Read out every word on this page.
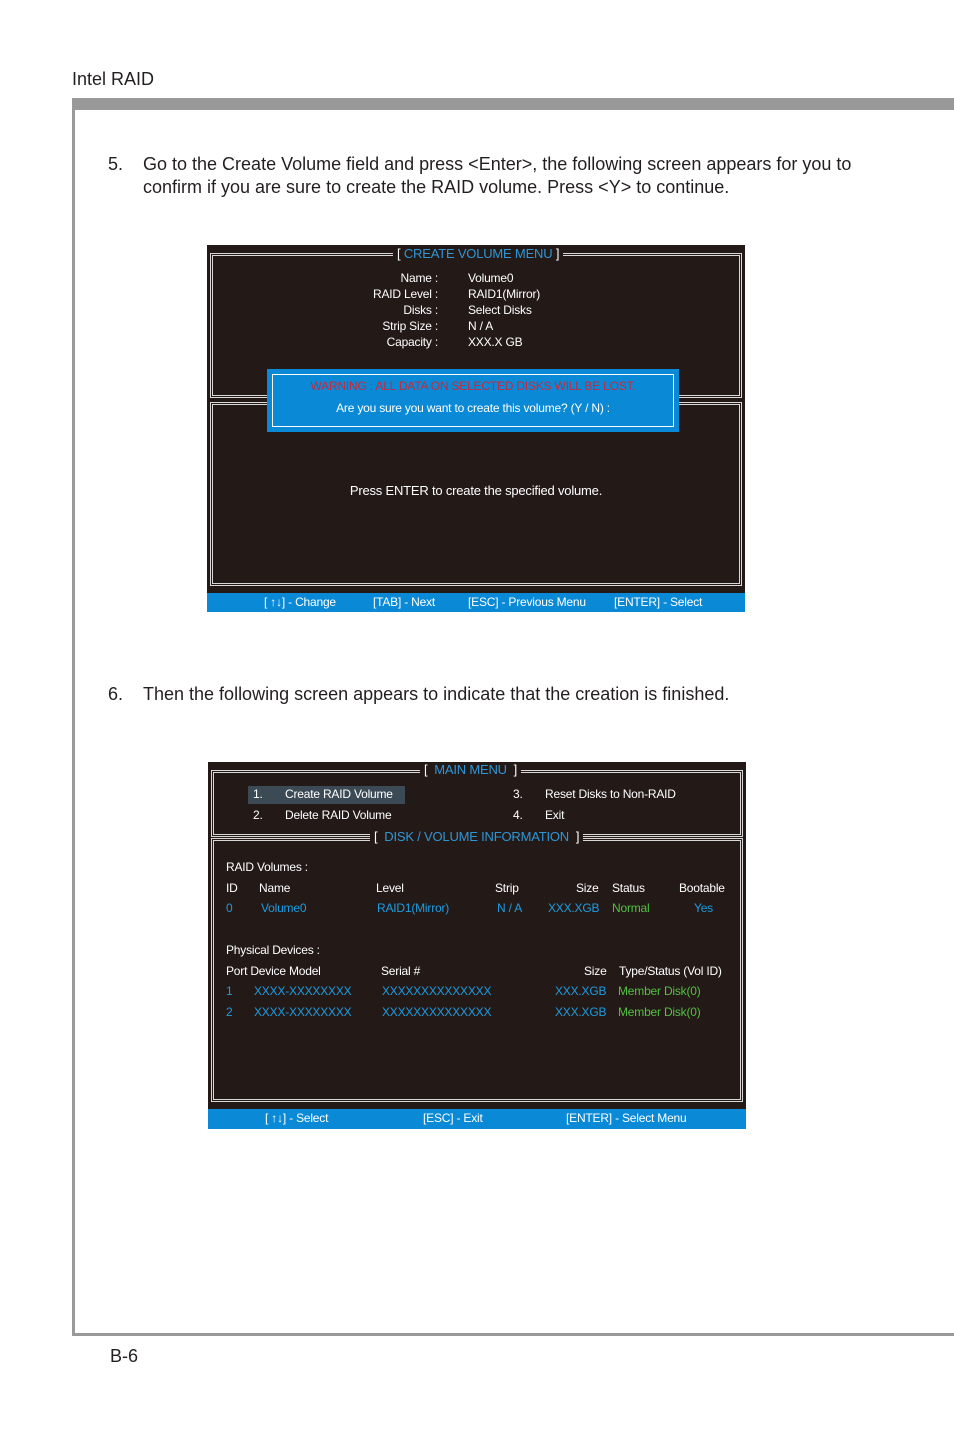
Intel RAID
B-6
5. Go to the Create Volume field and press <Enter>, the following screen appears for you to confirm if you are sure to create the RAID volume. Press <Y> to continue.
[ CREATE VOLUME MENU ]
Name :	Volume0
RAID Level :	RAID1(Mirror)
Disks :	Select Disks
Strip Size :	N / A
Capacity :	XXX.X GB
WARNING : ALL DATA ON SELECTED DISKS WILL BE LOST.
Are you sure you want to create this volume? (Y / N) :
Press ENTER to create the specified volume.
[ ↑↓] - Change	[TAB] - Next	[ESC] - Previous Menu [ENTER] - Select
6. Then the following screen appears to indicate that the creation is finished.
[ MAIN MENU ]
1. Create RAID Volume
2. Delete RAID Volume
3. Reset Disks to Non-RAID
4. Exit
[ DISK / VOLUME INFORMATION ]
RAID Volumes :
ID Name	Level	Strip	Size Status	Bootable
0 Volume0	RAID1(Mirror)	N / A XXX.XGB Normal	Yes
Physical Devices :
Port Device Model	Serial #	Size Type/Status (Vol ID)
1 XXXX-XXXXXXXX	XXXXXXXXXXXXXX	XXX.XGB Member Disk(0)
2 XXXX-XXXXXXXX	XXXXXXXXXXXXXX	XXX.XGB Member Disk(0)
[ ↑↓] - Select	[ESC] - Exit	[ENTER] - Select Menu
